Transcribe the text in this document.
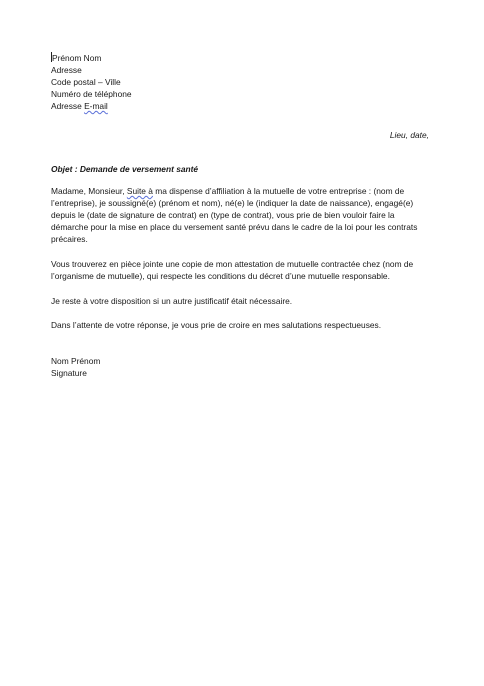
Prénom Nom
Adresse
Code postal – Ville
Numéro de téléphone
Adresse E-mail
Lieu, date,
Objet : Demande de versement santé
Madame, Monsieur, Suite à ma dispense d’affiliation à la mutuelle de votre entreprise : (nom de
l’entreprise), je soussigné(e) (prénom et nom), né(e) le (indiquer la date de naissance), engagé(e)
depuis le (date de signature de contrat) en (type de contrat), vous prie de bien vouloir faire la
démarche pour la mise en place du versement santé prévu dans le cadre de la loi pour les contrats
précaires.
Vous trouverez en pièce jointe une copie de mon attestation de mutuelle contractée chez (nom de
l’organisme de mutuelle), qui respecte les conditions du décret d’une mutuelle responsable.
Je reste à votre disposition si un autre justificatif était nécessaire.
Dans l’attente de votre réponse, je vous prie de croire en mes salutations respectueuses.
Nom Prénom
Signature
